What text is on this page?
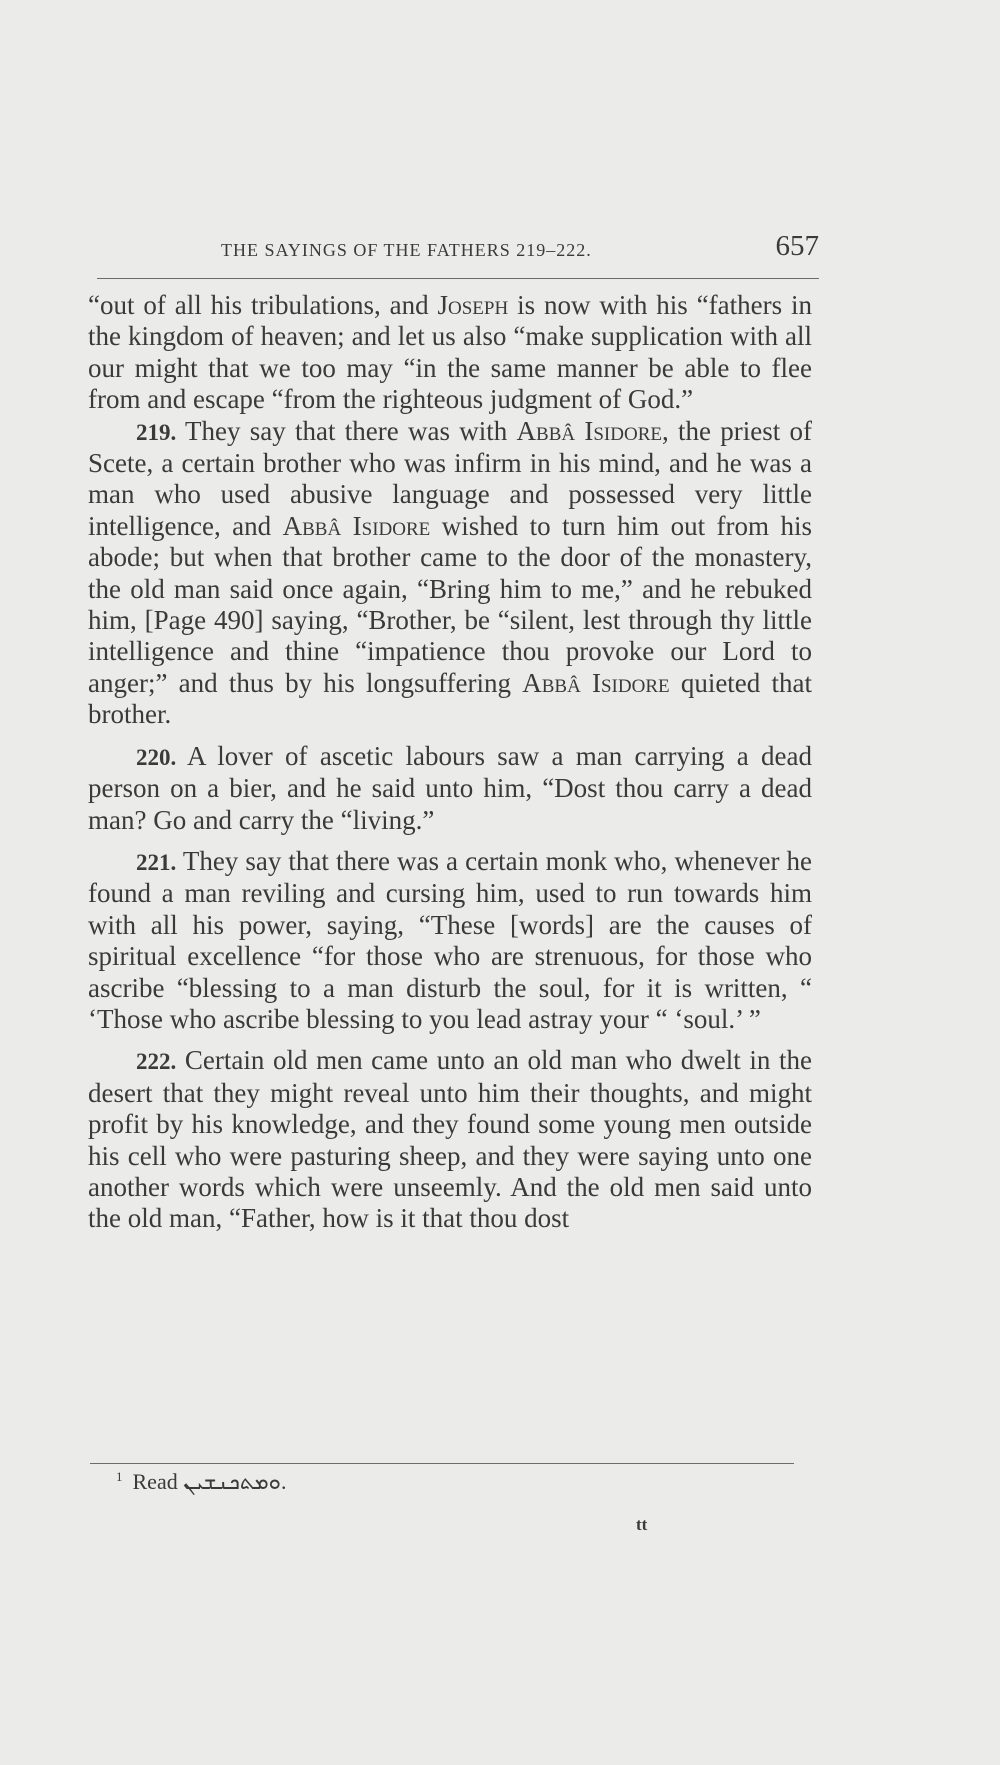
THE SAYINGS OF THE FATHERS 219–222.	657

“out of all his tribulations, and Joseph is now with his “fathers in the kingdom of heaven; and let us also “make supplication with all our might that we too may “in the same manner be able to flee from and escape “from the righteous judgment of God.”

219. They say that there was with Abbâ Isidore, the priest of Scete, a certain brother who was infirm in his mind, and he was a man who used abusive language and possessed very little intelligence, and Abbâ Isidore wished to turn him out from his abode; but when that brother came to the door of the monastery, the old man said once again, “Bring him to me,” and he rebuked him, [Page 490] saying, “Brother, be “silent, lest through thy little intelligence and thine “impatience thou provoke our Lord to anger;” and thus by his longsuffering Abbâ Isidore quieted that brother.

220. A lover of ascetic labours saw a man carrying a dead person on a bier, and he said unto him, “Dost thou carry a dead man? Go and carry the “living.”

221. They say that there was a certain monk who, whenever he found a man reviling and cursing him, used to run towards him with all his power, saying, “These [words] are the causes of spiritual excellence “for those who are strenuous, for those who ascribe “blessing to a man disturb the soul, for it is written, “ ‘Those who ascribe blessing to you lead astray your “ ‘soul.’ ”

222. Certain old men came unto an old man who dwelt in the desert that they might reveal unto him their thoughts, and might profit by his knowledge, and they found some young men outside his cell who were pasturing sheep, and they were saying unto one another words which were unseemly. And the old men said unto the old man, “Father, how is it that thou dost

$^1$ Read ܘܡܬܟܢܫܝܢ.
tt
